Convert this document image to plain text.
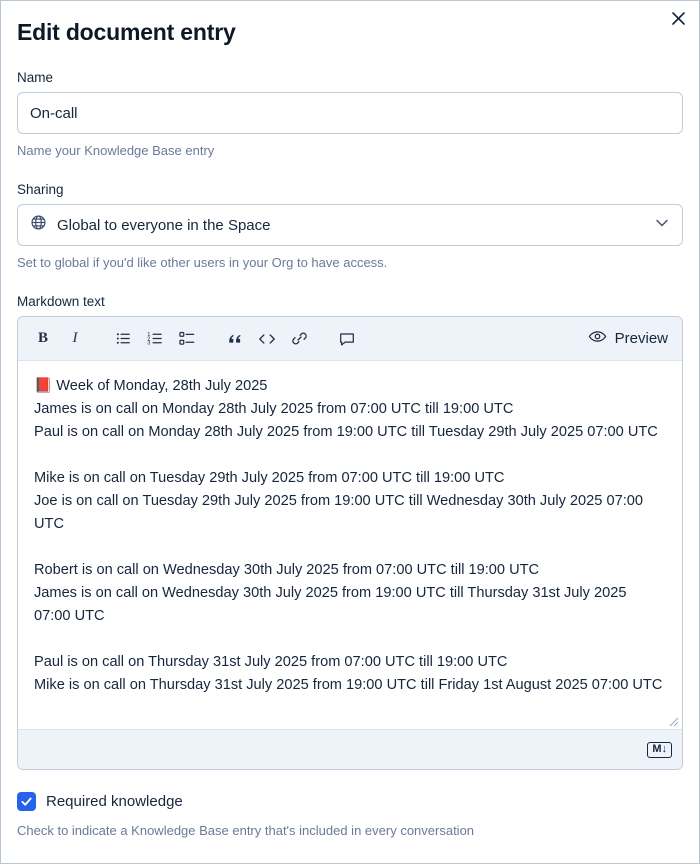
Edit document entry
Name
On-call
Name your Knowledge Base entry
Sharing
Global to everyone in the Space
Set to global if you'd like other users in your Org to have access.
Markdown text
B	I	1
2
3	Preview
📕 Week of Monday, 28th July 2025
James is on call on Monday 28th July 2025 from 07:00 UTC till 19:00 UTC
Paul is on call on Monday 28th July 2025 from 19:00 UTC till Tuesday 29th July 2025 07:00 UTC
Mike is on call on Tuesday 29th July 2025 from 07:00 UTC till 19:00 UTC
Joe is on call on Tuesday 29th July 2025 from 19:00 UTC till Wednesday 30th July 2025 07:00 UTC
Robert is on call on Wednesday 30th July 2025 from 07:00 UTC till 19:00 UTC
James is on call on Wednesday 30th July 2025 from 19:00 UTC till Thursday 31st July 2025 07:00 UTC
Paul is on call on Thursday 31st July 2025 from 07:00 UTC till 19:00 UTC
Mike is on call on Thursday 31st July 2025 from 19:00 UTC till Friday 1st August 2025 07:00 UTC
M↓
Required knowledge
Check to indicate a Knowledge Base entry that's included in every conversation
